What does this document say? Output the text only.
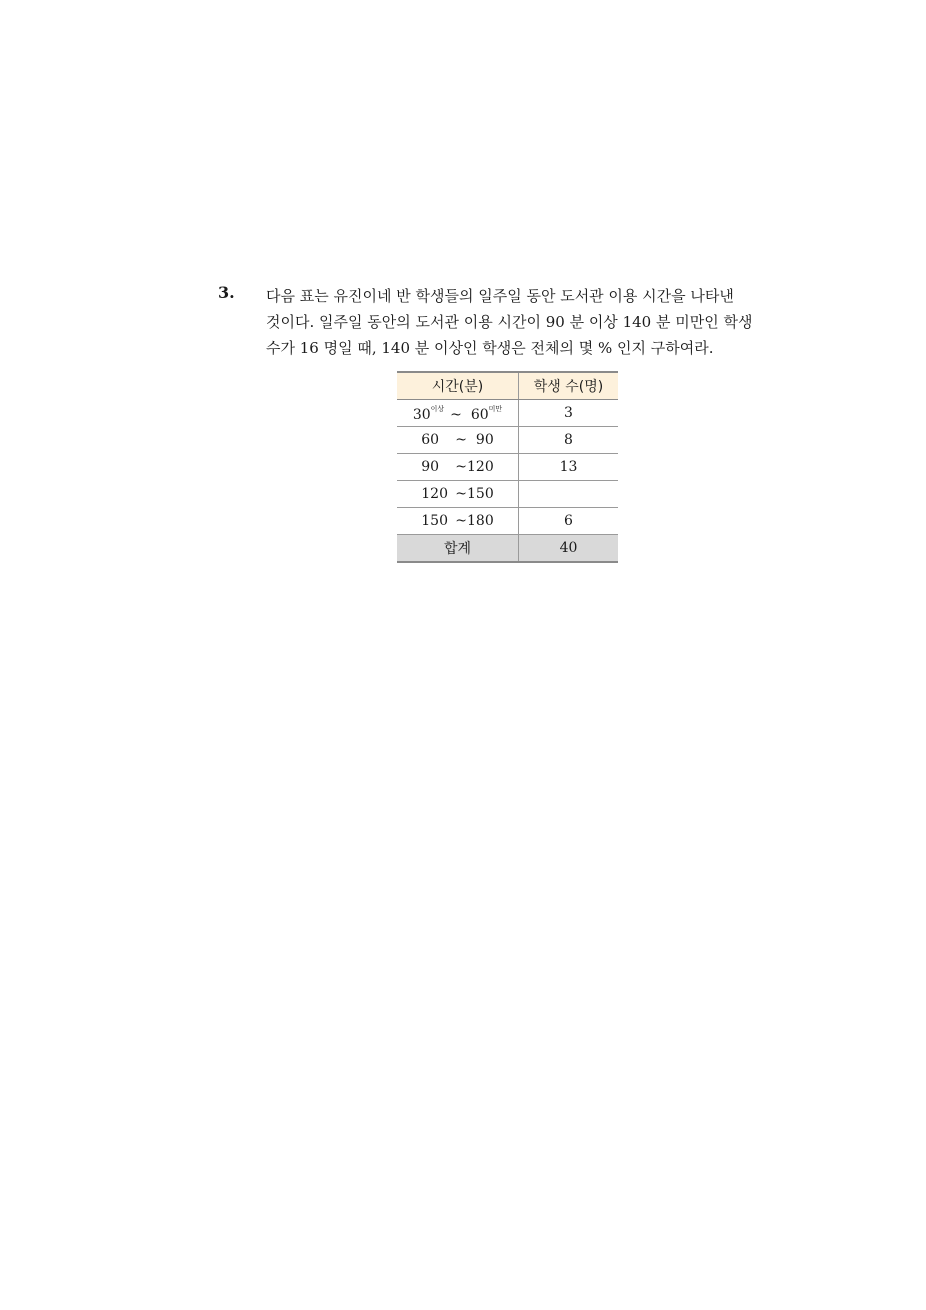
3. 다음 표는 유진이네 반 학생들의 일주일 동안 도서관 이용 시간을 나타낸
것이다. 일주일 동안의 도서관 이용 시간이 90 분 이상 140 분 미만인 학생
수가 16 명일 때, 140 분 이상인 학생은 전체의 몇 % 인지 구하여라.
시간(분)	학생 수(명)
$30^{이상}$ ~ $60^{미만}$	3
60 ~ 90	8
90 ~120	13
120 ~150	
150 ~180	6
합계	40
